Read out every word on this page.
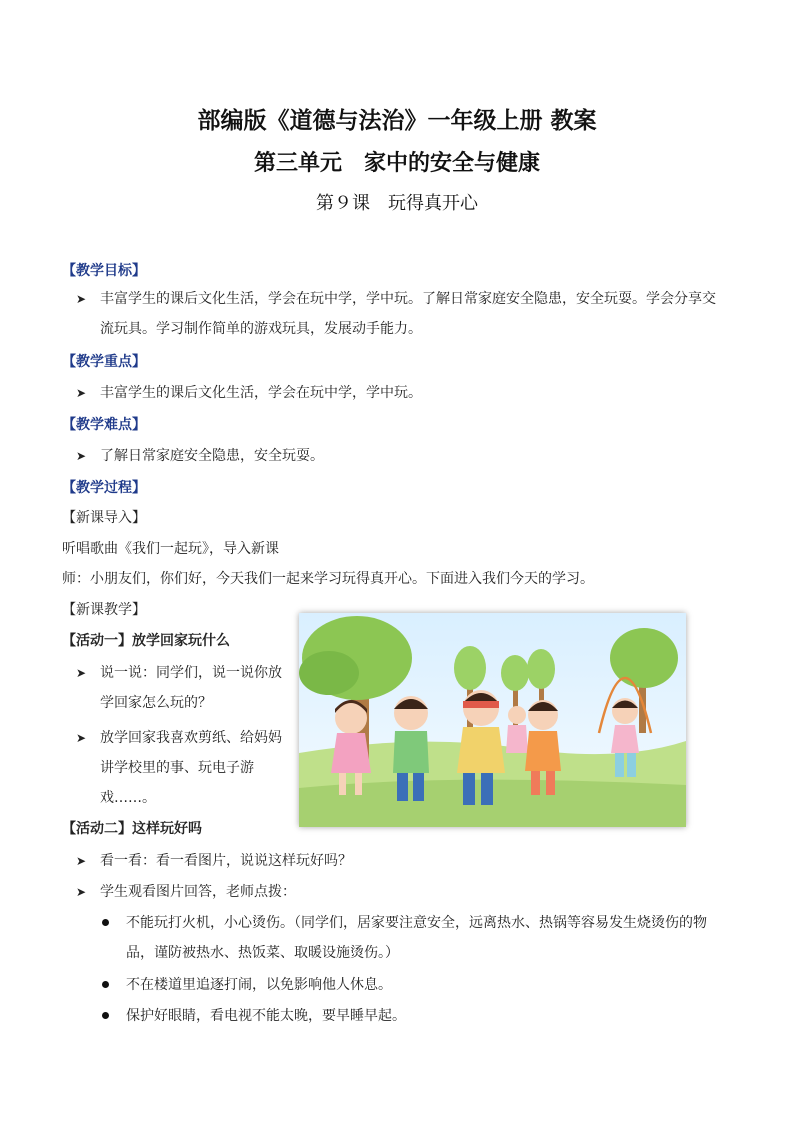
部编版《道德与法治》一年级上册 教案
第三单元　家中的安全与健康
第９课　玩得真开心
【教学目标】
➤ 丰富学生的课后文化生活，学会在玩中学，学中玩。了解日常家庭安全隐患，安全玩耍。学会分享交
流玩具。学习制作简单的游戏玩具，发展动手能力。
【教学重点】
➤ 丰富学生的课后文化生活，学会在玩中学，学中玩。
【教学难点】
➤ 了解日常家庭安全隐患，安全玩耍。
【教学过程】
【新课导入】
听唱歌曲《我们一起玩》，导入新课
师：小朋友们，你们好，今天我们一起来学习玩得真开心。下面进入我们今天的学习。
【新课教学】
【活动一】放学回家玩什么
➤ 说一说：同学们，说一说你放
学回家怎么玩的？
➤ 放学回家我喜欢剪纸、给妈妈
讲学校里的事、玩电子游
戏……。
【活动二】这样玩好吗
➤ 看一看：看一看图片，说说这样玩好吗？
➤ 学生观看图片回答，老师点拨：
不能玩打火机，小心烫伤。（同学们，居家要注意安全，远离热水、热锅等容易发生烧烫伤的物
品，谨防被热水、热饭菜、取暖设施烫伤。）
不在楼道里追逐打闹，以免影响他人休息。
保护好眼睛，看电视不能太晚，要早睡早起。
